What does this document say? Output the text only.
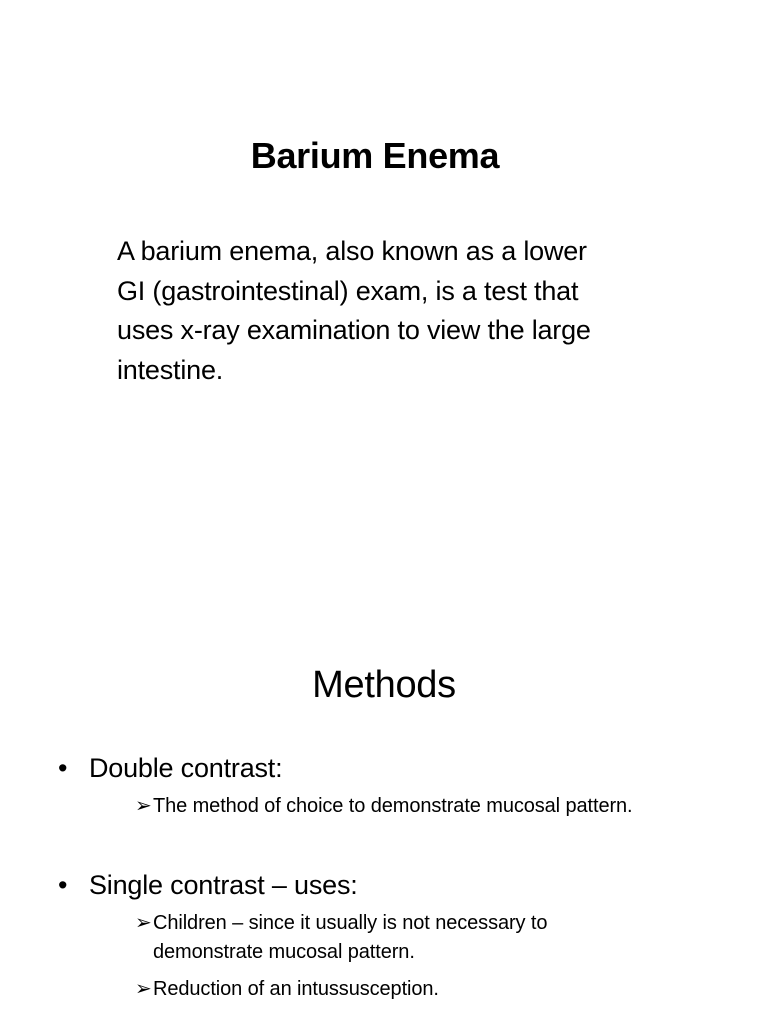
Barium Enema
A barium enema, also known as a lower
GI (gastrointestinal) exam, is a test that
uses x-ray examination to view the large
intestine.
Methods
• Double contrast:
➢The method of choice to demonstrate mucosal pattern.
• Single contrast – uses:
➢Children – since it usually is not necessary to
demonstrate mucosal pattern.
➢Reduction of an intussusception.
